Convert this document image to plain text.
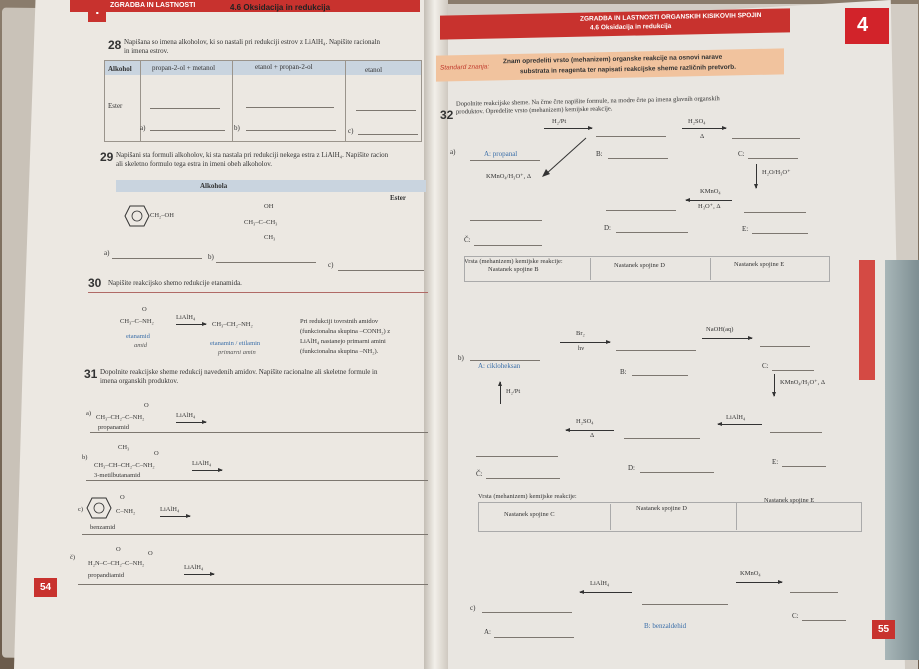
ZGRADBA IN LASTNOSTI	4.6 Oksidacija in redukcija
28 Napišana so imena alkoholov, ki so nastali pri redukciji estrov z LiAlH₄. Napišite racionaln
in imena estrov.
Alkohol	propan-2-ol + metanol	etanol + propan-2-ol	etanol
Ester
a)	b)	c)
29 Napišani sta formuli alkoholov, ki sta nastala pri redukciji nekega estra z LiAlH₄. Napišite racion
ali skeletno formulo tega estra in imeni obeh alkoholov.
Alkohola
Ester
CH₂–OH
OH
CH₃–C–CH₃
CH₃
a)	b)
c)
30 Napišite reakcijsko shemo redukcije etanamida.
O
CH₃–C–NH₂
LiAlH₄
→ CH₃–CH₂–NH₂
etanamid
amid	etanamin / etilamin
primarni amin
Pri redukciji tovrstnih amidov
(funkcionalna skupina –CONH₂) z
LiAlH₄ nastanejo primarni amini
(funkcionalna skupina –NH₂).
31 Dopolnite reakcijske sheme redukcij navedenih amidov. Napišite racionalne ali skeletne formule in
imena organskih produktov.
a)
O
CH₃–CH₂–C–NH₂
propanamid
LiAlH₄
b)
CH₃
O
CH₃–CH–CH₂–C–NH₂
3-metilbutanamid
LiAlH₄
c)
O
C–NH₂
benzamid
LiAlH₄
č)
O
O
H₂N–C–CH₂–C–NH₂
propandiamid
LiAlH₄
54
ZGRADBA IN LASTNOSTI ORGANSKIH KISIKOVIH SPOJIN
4.6 Oksidacija in redukcija	4
Standard znanja:
Znam opredeliti vrsto (mehanizem) organske reakcije na osnovi narave
substrata in reagenta ter napisati reakcijske sheme različnih pretvorb.
32
Dopolnite reakcijske sheme. Na črne črte napišite formule, na modre črte pa imena glavnih organskih
produktov. Opredelite vrsto (mehanizem) kemijske reakcije.
a)	A: propanal
H₂/Pt	H₂SO₄
Δ
KMnO₄/H₃O⁺, Δ
B:	C:
H₂O/H₃O⁺
KMnO₄
H₃O⁺, Δ
D:	E:
Č:
Vrsta (mehanizem) kemijske reakcije:
Nastanek spojine B
Nastanek spojine D	Nastanek spojine E
b)
A: cikloheksan
Br₂
hν
NaOH(aq)
B:
C:
KMnO₄/H₃O⁺, Δ
H₂/Pt
H₂SO₄
Δ
LiAlH₄
D:
E:
Č:
Vrsta (mehanizem) kemijske reakcije:
Nastanek spojine C
Nastanek spojine D
Nastanek spojine E
c)
LiAlH₄
KMnO₄
A:
B: benzaldehid
C:
55
